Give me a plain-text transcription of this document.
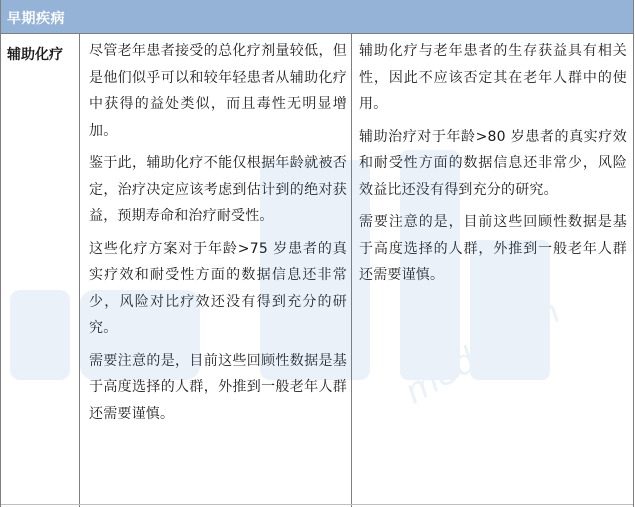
早期疾病
辅助化疗 尽管老年患者接受的总化疗剂量较低，但是他们似乎可以和较年轻患者从辅助化疗中获得的益处类似，而且毒性无明显增加。

鉴于此，辅助化疗不能仅根据年龄就被否定，治疗决定应该考虑到估计到的绝对获益，预期寿命和治疗耐受性。

这些化疗方案对于年龄>75 岁患者的真实疗效和耐受性方面的数据信息还非常少，风险对比疗效还没有得到充分的研究。

需要注意的是，目前这些回顾性数据是基于高度选择的人群，外推到一般老年人群还需要谨慎。

辅助化疗与老年患者的生存获益具有相关性，因此不应该否定其在老年人群中的使用。

辅助治疗对于年龄>80 岁患者的真实疗效和耐受性方面的数据信息还非常少，风险效益比还没有得到充分的研究。

需要注意的是，目前这些回顾性数据是基于高度选择的人群，外推到一般老年人群还需要谨慎。

medsci.cn
